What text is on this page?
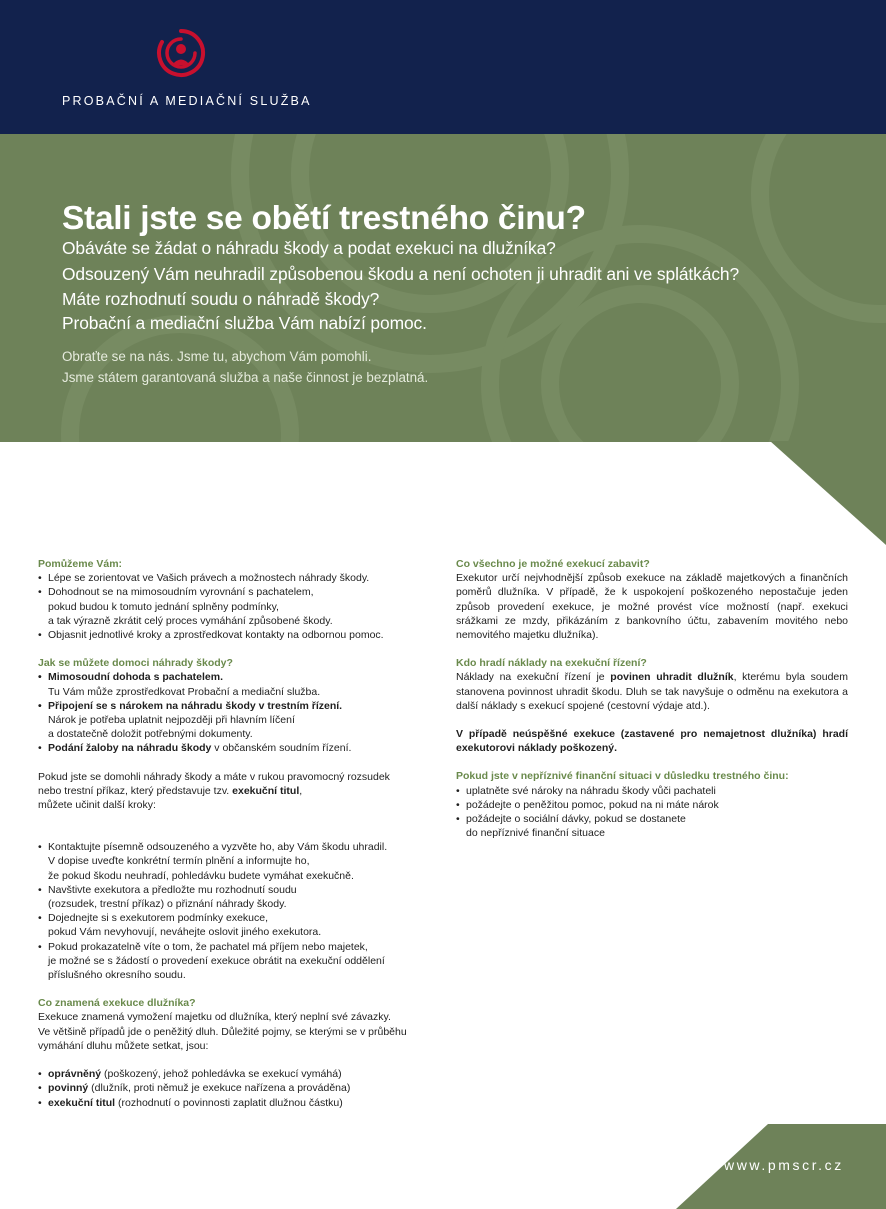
PROBAČNÍ A MEDIAČNÍ SLUŽBA
Stali jste se obětí trestného činu?
Obáváte se žádat o náhradu škody a podat exekuci na dlužníka?
Odsouzený Vám neuhradil způsobenou škodu a není ochoten ji uhradit ani ve splátkách?
Máte rozhodnutí soudu o náhradě škody?
Probační a mediační služba Vám nabízí pomoc.
Obraťte se na nás. Jsme tu, abychom Vám pomohli.
Jsme státem garantovaná služba a naše činnost je bezplatná.
Pomůžeme Vám:
• Lépe se zorientovat ve Vašich právech a možnostech náhrady škody.
• Dohodnout se na mimosoudním vyrovnání s pachatelem,
pokud budou k tomuto jednání splněny podmínky,
a tak výrazně zkrátit celý proces vymáhání způsobené škody.
• Objasnit jednotlivé kroky a zprostředkovat kontakty na odbornou pomoc.
Jak se můžete domoci náhrady škody?
• Mimosoudní dohoda s pachatelem.
Tu Vám může zprostředkovat Probační a mediační služba.
• Připojení se s nárokem na náhradu škody v trestním řízení.
Nárok je potřeba uplatnit nejpozději při hlavním líčení
a dostatečně doložit potřebnými dokumenty.
• Podání žaloby na náhradu škody v občanském soudním řízení.
Pokud jste se domohli náhrady škody a máte v rukou pravomocný rozsudek
nebo trestní příkaz, který představuje tzv. exekuční titul,
můžete učinit další kroky:
• Kontaktujte písemně odsouzeného a vyzvěte ho, aby Vám škodu uhradil.
V dopise uveďte konkrétní termín plnění a informujte ho,
že pokud škodu neuhradí, pohledávku budete vymáhat exekučně.
• Navštivte exekutora a předložte mu rozhodnutí soudu
(rozsudek, trestní příkaz) o přiznání náhrady škody.
• Dojednejte si s exekutorem podmínky exekuce,
pokud Vám nevyhovují, neváhejte oslovit jiného exekutora.
• Pokud prokazatelně víte o tom, že pachatel má příjem nebo majetek,
je možné se s žádostí o provedení exekuce obrátit na exekuční oddělení
příslušného okresního soudu.
Co znamená exekuce dlužníka?
Exekuce znamená vymožení majetku od dlužníka, který neplní své závazky.
Ve většině případů jde o peněžitý dluh. Důležité pojmy, se kterými se v průběhu
vymáhání dluhu můžete setkat, jsou:
• oprávněný (poškozený, jehož pohledávka se exekucí vymáhá)
• povinný (dlužník, proti němuž je exekuce nařízena a prováděna)
• exekuční titul (rozhodnutí o povinnosti zaplatit dlužnou částku)
Co všechno je možné exekucí zabavit?
Exekutor určí nejvhodnější způsob exekuce na základě majetkových a finančních poměrů dlužníka. V případě, že k uspokojení poškozeného nepostačuje jeden způsob provedení exekuce, je možné provést více možností (např. exekuci srážkami ze mzdy, přikázáním z bankovního účtu, zabavením movitého nebo nemovitého majetku dlužníka).
Kdo hradí náklady na exekuční řízení?
Náklady na exekuční řízení je povinen uhradit dlužník, kterému byla soudem stanovena povinnost uhradit škodu. Dluh se tak navyšuje o odměnu na exekutora a další náklady s exekucí spojené (cestovní výdaje atd.).
V případě neúspěšné exekuce (zastavené pro nemajetnost dlužníka) hradí exekutorovi náklady poškozený.
Pokud jste v nepříznivé finanční situaci v důsledku trestného činu:
• uplatněte své nároky na náhradu škody vůči pachateli
• požádejte o peněžitou pomoc, pokud na ni máte nárok
• požádejte o sociální dávky, pokud se dostanete
do nepříznivé finanční situace
www.pmscr.cz
